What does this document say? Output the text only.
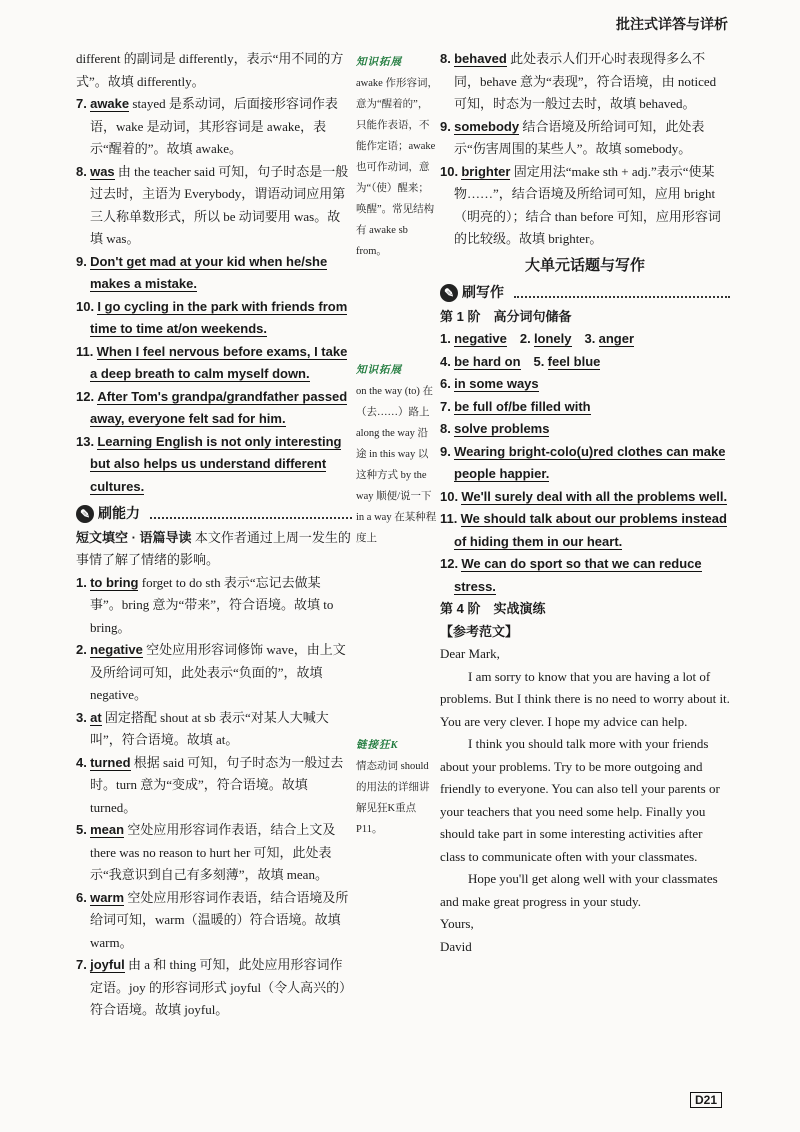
批注式详答与详析

different 的副词是 differently，表示“用不同的方式”。故填 differently。

7. awake stayed 是系动词，后面接形容词作表语，wake 是动词，其形容词是 awake，表示“醒着的”。故填 awake。

8. was 由 the teacher said 可知，句子时态是一般过去时，主语为 Everybody，谓语动词应用第三人称单数形式，所以 be 动词要用 was。故填 was。

9. Don't get mad at your kid when he/she makes a mistake.

10. I go cycling in the park with friends from time to time at/on weekends.

11. When I feel nervous before exams, I take a deep breath to calm myself down.

12. After Tom's grandpa/grandfather passed away, everyone felt sad for him.

13. Learning English is not only interesting but also helps us understand different cultures.

✎ 刷能力

短文填空 · 语篇导读 本文作者通过上周一发生的事情了解了情绪的影响。

1. to bring forget to do sth 表示“忘记去做某事”。bring 意为“带来”，符合语境。故填 to bring。

2. negative 空处应用形容词修饰 wave，由上文及所给词可知，此处表示“负面的”，故填 negative。

3. at 固定搭配 shout at sb 表示“对某人大喊大叫”，符合语境。故填 at。

4. turned 根据 said 可知，句子时态为一般过去时。turn 意为“变成”，符合语境。故填 turned。

5. mean 空处应用形容词作表语，结合上文及 there was no reason to hurt her 可知，此处表示“我意识到自己有多刻薄”，故填 mean。

6. warm 空处应用形容词作表语，结合语境及所给词可知，warm（温暖的）符合语境。故填 warm。

7. joyful 由 a 和 thing 可知，此处应用形容词作定语。joy 的形容词形式 joyful（令人高兴的）符合语境。故填 joyful。

知识拓展
awake 作形容词，意为“醒着的”，只能作表语，不能作定语；awake 也可作动词，意为“（使）醒来；唤醒”。常见结构有 awake sb from。
知识拓展
on the way (to) 在（去……）路上 along the way 沿途 in this way 以这种方式 by the way 顺便/说一下 in a way 在某种程度上
链接狂K
情态动词 should 的用法的详细讲解见狂K重点P11。

8. behaved 此处表示人们开心时表现得多么不同，behave 意为“表现”，符合语境，由 noticed 可知，时态为一般过去时，故填 behaved。

9. somebody 结合语境及所给词可知，此处表示“伤害周围的某些人”。故填 somebody。

10. brighter 固定用法“make sth + adj.”表示“使某物……”，结合语境及所给词可知，应用 bright（明亮的）；结合 than before 可知，应用形容词的比较级。故填 brighter。

大单元话题与写作
✎ 刷写作

第 1 阶　高分词句储备

1. negative  2. lonely  3. anger 

4. be hard on  5. feel blue 

6. in some ways

7. be full of/be filled with

8. solve problems

9. Wearing bright-colo(u)red clothes can make people happier.

10. We'll surely deal with all the problems well.

11. We should talk about our problems instead of hiding them in our heart.

12. We can do sport so that we can reduce stress.

第 4 阶　实战演练

【参考范文】

Dear Mark,

I am sorry to know that you are having a lot of problems. But I think there is no need to worry about it. You are very clever. I hope my advice can help.

I think you should talk more with your friends about your problems. Try to be more outgoing and friendly to everyone. You can also tell your parents or your teachers that you need some help. Finally you should take part in some interesting activities after class to communicate often with your classmates.

Hope you'll get along well with your classmates and make great progress in your study.

Yours,

David

D21
